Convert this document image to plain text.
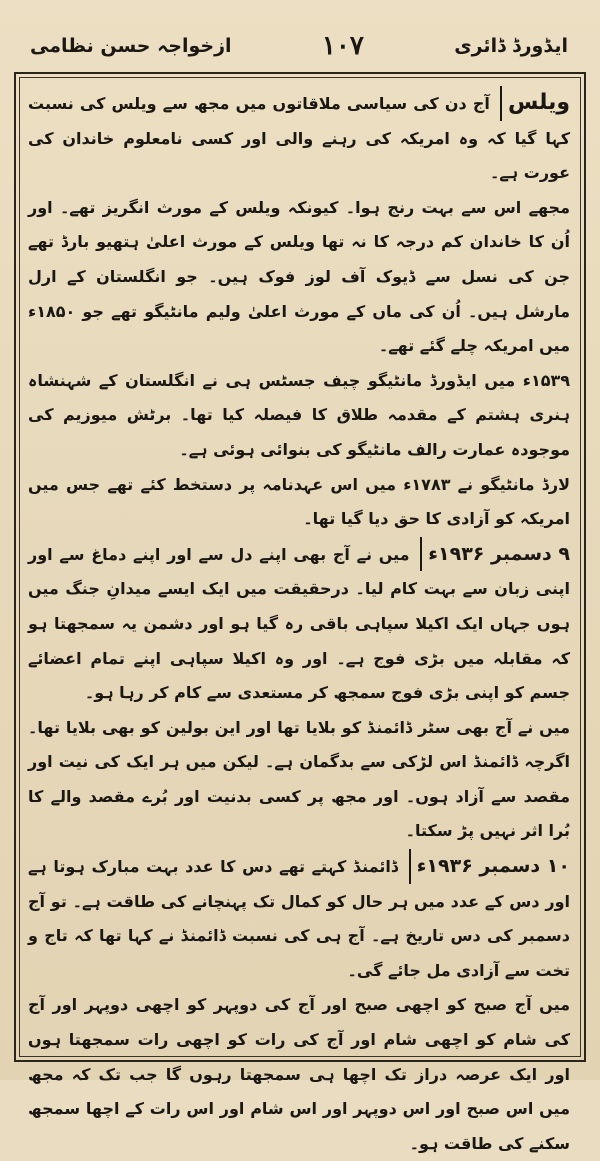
ازخواجہ حسن نظامی	۱۰۷	ایڈورڈ ڈائری

ویلس آج دن کی سیاسی ملاقاتوں میں مجھ سے ویلس کی نسبت کہا گیا کہ وہ امریکہ کی رہنے والی اور کسی نامعلوم خاندان کی عورت ہے۔

مجھے اس سے بہت رنج ہوا۔ کیونکہ ویلس کے مورث انگریز تھے۔ اور اُن کا خاندان کم درجہ کا نہ تھا ویلس کے مورث اعلیٰ ہتھیو بارڈ تھے جن کی نسل سے ڈیوک آف لوز فوک ہیں۔ جو انگلستان کے ارل مارشل ہیں۔ اُن کی ماں کے مورث اعلیٰ ولیم مانٹیگو تھے جو ۱۸۵۰ء میں امریکہ چلے گئے تھے۔

۱۵۳۹ء میں ایڈورڈ مانٹیگو چیف جسٹس ہی نے انگلستان کے شہنشاہ ہنری ہشتم کے مقدمہ طلاق کا فیصلہ کیا تھا۔ برٹش میوزیم کی موجودہ عمارت رالف مانٹیگو کی بنوائی ہوئی ہے۔

لارڈ مانٹیگو نے ۱۷۸۳ء میں اس عہدنامہ پر دستخط کئے تھے جس میں امریکہ کو آزادی کا حق دیا گیا تھا۔

۹ دسمبر ۱۹۳۶ء میں نے آج بھی اپنے دل سے اور اپنے دماغ سے اور اپنی زبان سے بہت کام لیا۔ درحقیقت میں ایک ایسے میدانِ جنگ میں ہوں جہاں ایک اکیلا سپاہی باقی رہ گیا ہو اور دشمن یہ سمجھتا ہو کہ مقابلہ میں بڑی فوج ہے۔ اور وہ اکیلا سپاہی اپنے تمام اعضائے جسم کو اپنی بڑی فوج سمجھ کر مستعدی سے کام کر رہا ہو۔

میں نے آج بھی سٹر ڈائمنڈ کو بلایا تھا اور این بولین کو بھی بلایا تھا۔ اگرچہ ڈائمنڈ اس لڑکی سے بدگمان ہے۔ لیکن میں ہر ایک کی نیت اور مقصد سے آزاد ہوں۔ اور مجھ پر کسی بدنیت اور بُرے مقصد والے کا بُرا اثر نہیں پڑ سکتا۔

۱۰ دسمبر ۱۹۳۶ء ڈائمنڈ کہتے تھے دس کا عدد بہت مبارک ہوتا ہے اور دس کے عدد میں ہر حال کو کمال تک پہنچانے کی طاقت ہے۔ تو آج دسمبر کی دس تاریخ ہے۔ آج ہی کی نسبت ڈائمنڈ نے کہا تھا کہ تاج و تخت سے آزادی مل جائے گی۔

میں آج صبح کو اچھی صبح اور آج کی دوپہر کو اچھی دوپہر اور آج کی شام کو اچھی شام اور آج کی رات کو اچھی رات سمجھتا ہوں اور ایک عرصہ دراز تک اچھا ہی سمجھتا رہوں گا جب تک کہ مجھ میں اس صبح اور اس دوپہر اور اس شام اور اس رات کے اچھا سمجھ سکنے کی طاقت ہو۔
